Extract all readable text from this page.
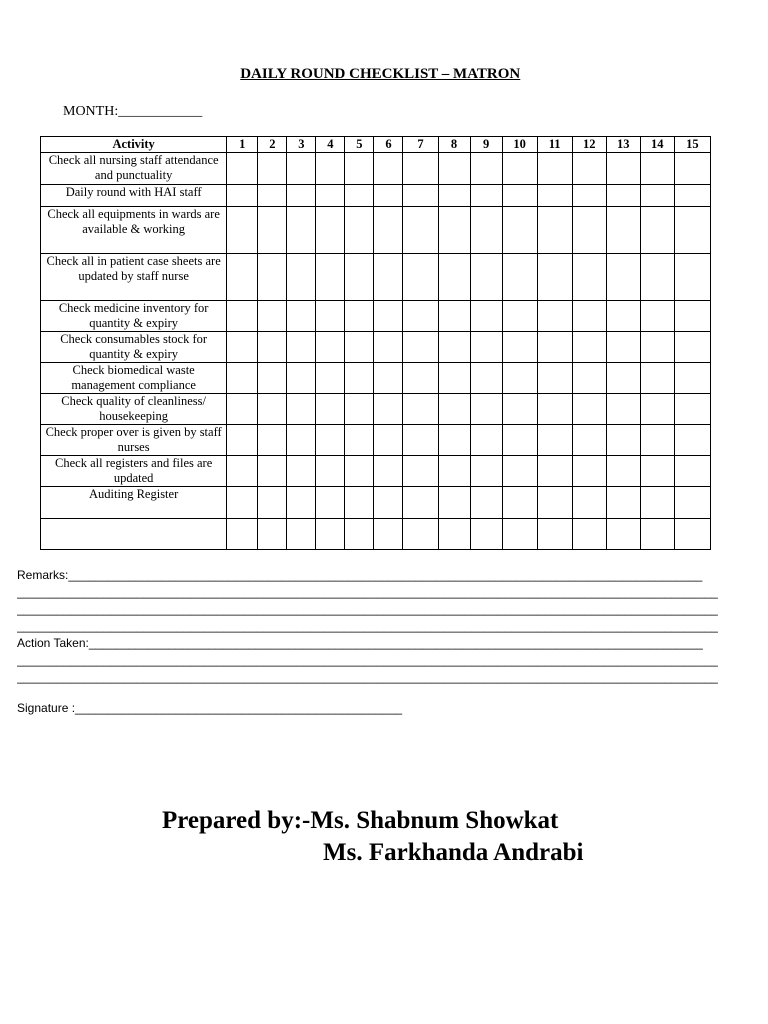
DAILY ROUND CHECKLIST – MATRON
MONTH:____________
Activity	1	2	3	4	5	6	7	8	9	10	11	12	13	14	15
Check all nursing staff attendance and punctuality															
Daily round with HAI staff															
Check all equipments in wards are available & working															
Check all in patient case sheets are updated by staff nurse															
Check medicine inventory for quantity & expiry															
Check consumables stock for quantity & expiry															
Check biomedical waste management compliance															
Check quality of cleanliness/ housekeeping															
Check proper over is given by staff nurses															
Check all registers and files are updated															
Auditing Register															

Remarks:_______________________________________________________________________________________________
_________________________________________________________________________________________________________
_________________________________________________________________________________________________________
_________________________________________________________________________________________________________
Action Taken:____________________________________________________________________________________________
_________________________________________________________________________________________________________
_________________________________________________________________________________________________________
Signature :_________________________________________________
Prepared by:-Ms. Shabnum Showkat
Ms. Farkhanda Andrabi
